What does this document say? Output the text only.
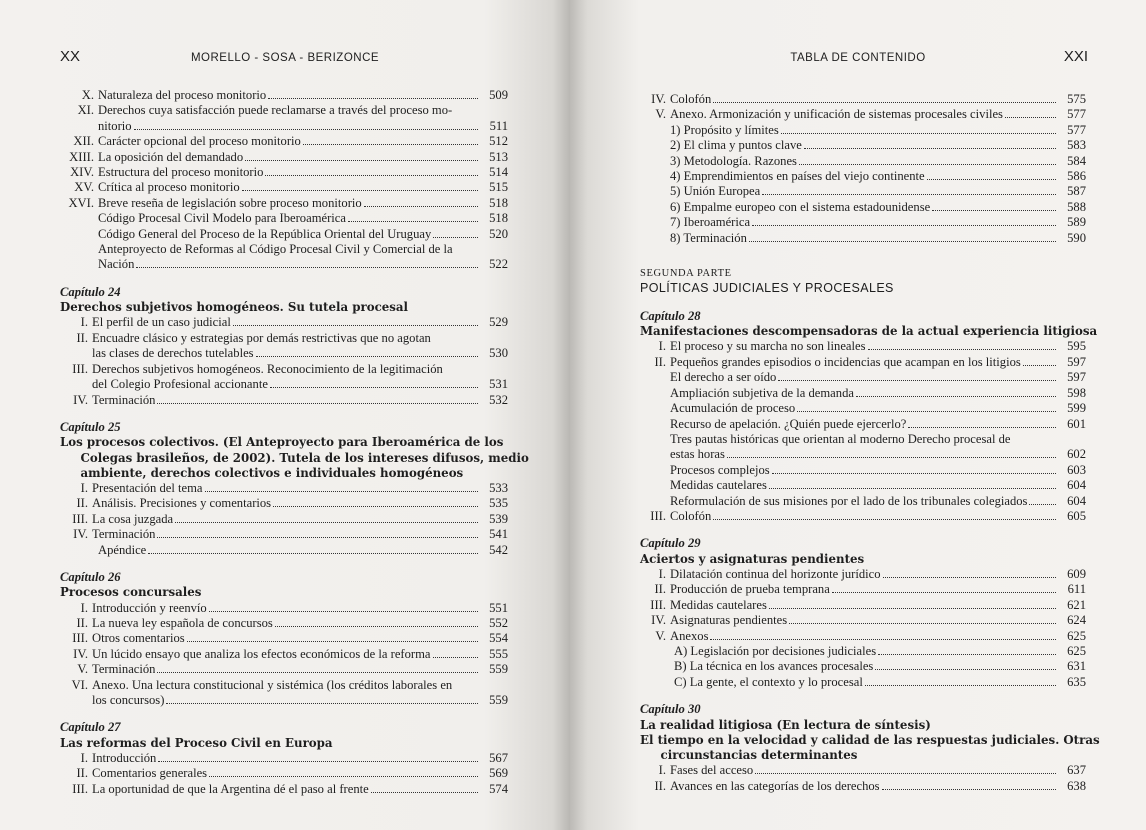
XX	MORELLO - SOSA - BERIZONCE
X. Naturaleza del proceso monitorio	509
XI. Derechos cuya satisfacción puede reclamarse a través del proceso mo-
nitorio	511
XII. Carácter opcional del proceso monitorio	512
XIII. La oposición del demandado	513
XIV. Estructura del proceso monitorio	514
XV. Crítica al proceso monitorio	515
XVI. Breve reseña de legislación sobre proceso monitorio	518
Código Procesal Civil Modelo para Iberoamérica	518
Código General del Proceso de la República Oriental del Uruguay	520
Anteproyecto de Reformas al Código Procesal Civil y Comercial de la
Nación	522
Capítulo 24
Derechos subjetivos homogéneos. Su tutela procesal
I. El perfil de un caso judicial	529
II. Encuadre clásico y estrategias por demás restrictivas que no agotan
las clases de derechos tutelables	530
III. Derechos subjetivos homogéneos. Reconocimiento de la legitimación
del Colegio Profesional accionante	531
IV. Terminación	532
Capítulo 25
Los procesos colectivos. (El Anteproyecto para Iberoamérica de los
Colegas brasileños, de 2002). Tutela de los intereses difusos, medio
ambiente, derechos colectivos e individuales homogéneos
I. Presentación del tema	533
II. Análisis. Precisiones y comentarios	535
III. La cosa juzgada	539
IV. Terminación	541
Apéndice	542
Capítulo 26
Procesos concursales
I. Introducción y reenvío	551
II. La nueva ley española de concursos	552
III. Otros comentarios	554
IV. Un lúcido ensayo que analiza los efectos económicos de la reforma	555
V. Terminación	559
VI. Anexo. Una lectura constitucional y sistémica (los créditos laborales en
los concursos)	559
Capítulo 27
Las reformas del Proceso Civil en Europa
I. Introducción	567
II. Comentarios generales	569
III. La oportunidad de que la Argentina dé el paso al frente	574
TABLA DE CONTENIDO	XXI
IV. Colofón	575
V. Anexo. Armonización y unificación de sistemas procesales civiles	577
1) Propósito y límites	577
2) El clima y puntos clave	583
3) Metodología. Razones	584
4) Emprendimientos en países del viejo continente	586
5) Unión Europea	587
6) Empalme europeo con el sistema estadounidense	588
7) Iberoamérica	589
8) Terminación	590
SEGUNDA PARTE
POLÍTICAS JUDICIALES Y PROCESALES
Capítulo 28
Manifestaciones descompensadoras de la actual experiencia litigiosa
I. El proceso y su marcha no son lineales	595
II. Pequeños grandes episodios o incidencias que acampan en los litigios	597
El derecho a ser oído	597
Ampliación subjetiva de la demanda	598
Acumulación de proceso	599
Recurso de apelación. ¿Quién puede ejercerlo?	601
Tres pautas históricas que orientan al moderno Derecho procesal de
estas horas	602
Procesos complejos	603
Medidas cautelares	604
Reformulación de sus misiones por el lado de los tribunales colegiados	604
III. Colofón	605
Capítulo 29
Aciertos y asignaturas pendientes
I. Dilatación continua del horizonte jurídico	609
II. Producción de prueba temprana	611
III. Medidas cautelares	621
IV. Asignaturas pendientes	624
V. Anexos	625
A) Legislación por decisiones judiciales	625
B) La técnica en los avances procesales	631
C) La gente, el contexto y lo procesal	635
Capítulo 30
La realidad litigiosa (En lectura de síntesis)
El tiempo en la velocidad y calidad de las respuestas judiciales. Otras
circunstancias determinantes
I. Fases del acceso	637
II. Avances en las categorías de los derechos	638
